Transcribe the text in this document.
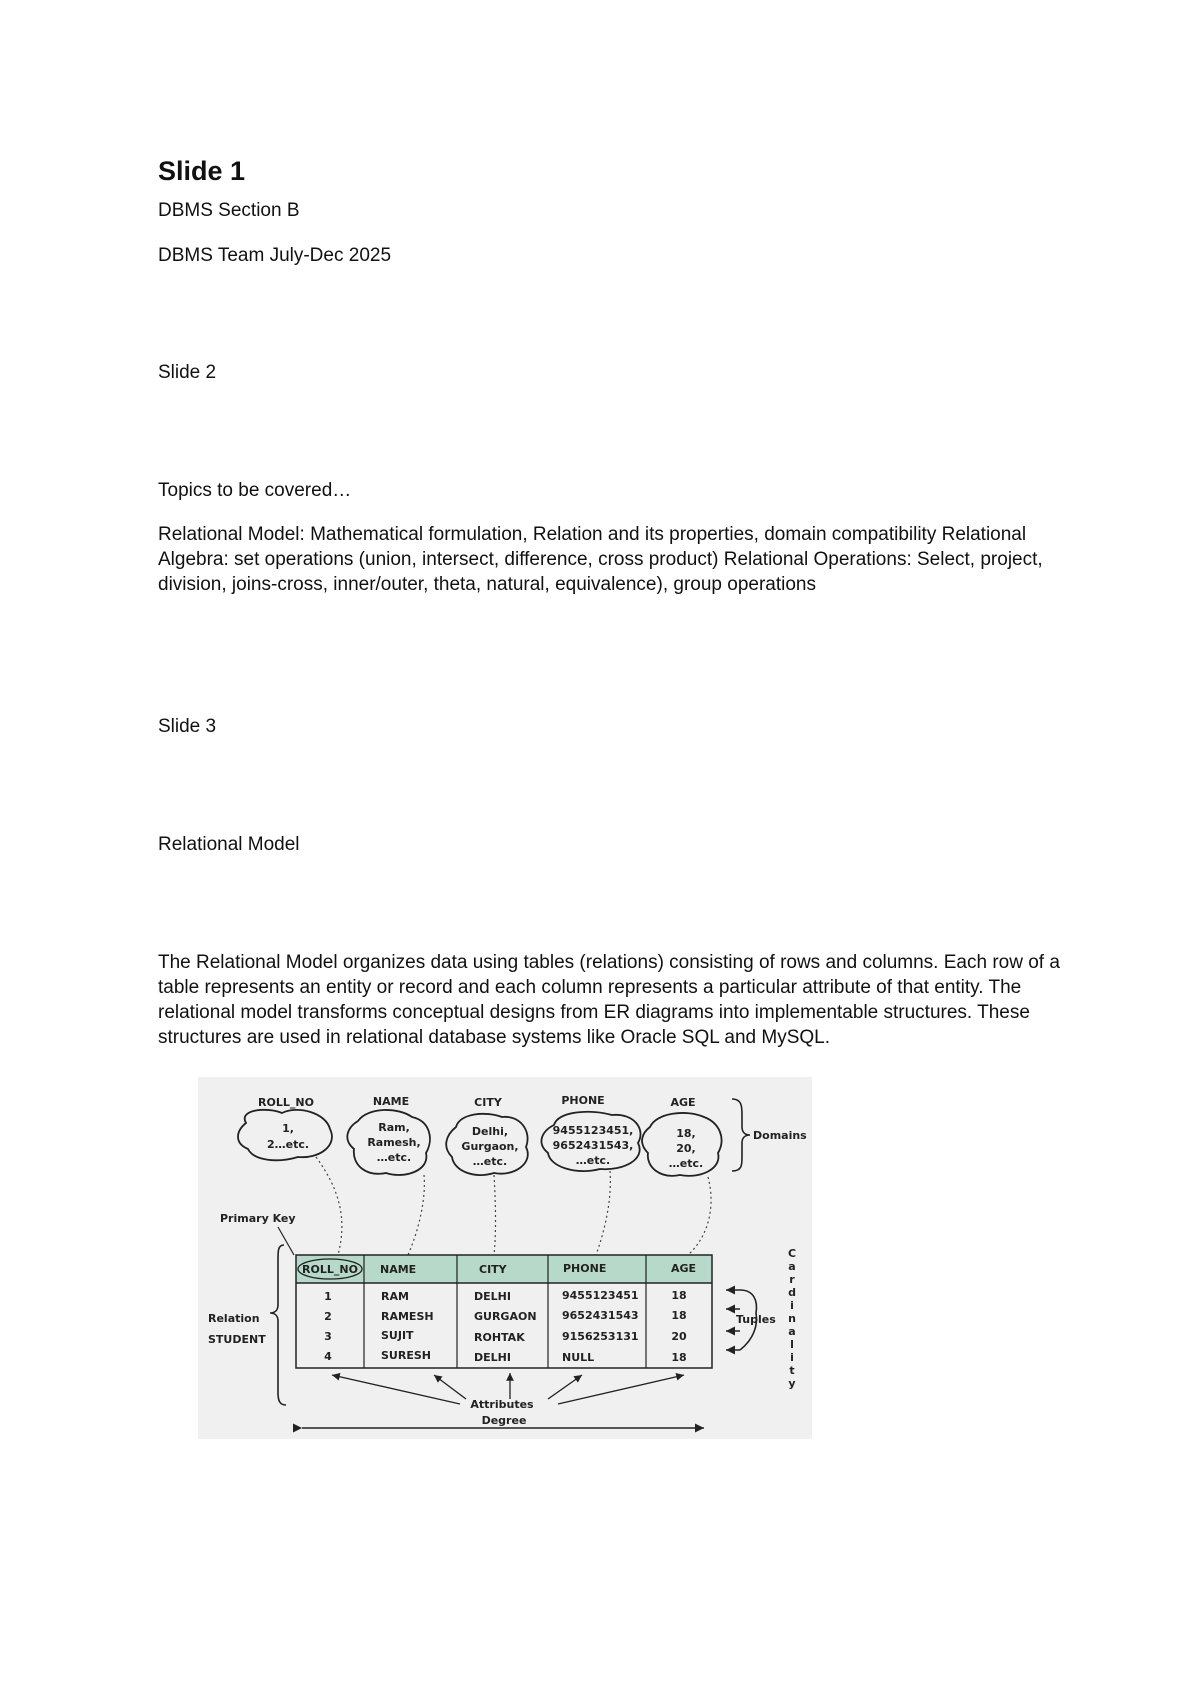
Slide 1

DBMS Section B

DBMS Team July-Dec 2025

Slide 2

Topics to be covered…

Relational Model: Mathematical formulation, Relation and its properties, domain compatibility Relational Algebra: set operations (union, intersect, difference, cross product) Relational Operations: Select, project, division, joins-cross, inner/outer, theta, natural, equivalence), group operations

Slide 3

Relational Model

The Relational Model organizes data using tables (relations) consisting of rows and columns. Each row of a table represents an entity or record and each column represents a particular attribute of that entity. The relational model transforms conceptual designs from ER diagrams into implementable structures. These structures are used in relational database systems like Oracle SQL and MySQL.

ROLL_NO	NAME	CITY	PHONE	AGE
1,
2…etc.
Ram,
Ramesh,
…etc.
Delhi,
Gurgaon,
…etc.
9455123451,
9652431543,
…etc.
18,
20,
…etc.
Domains
Primary Key
ROLL_NO NAME	CITY	PHONE	AGE
1	RAM	DELHI	9455123451	18
2	RAMESH	GURGAON 9652431543	18
3	SUJIT	ROHTAK	9156253131	20
4	SURESH	DELHI	NULL	18
Relation
STUDENT
Tuples
C
a
r
d
i
n
a
l
i
t
y
Attributes
Degree
